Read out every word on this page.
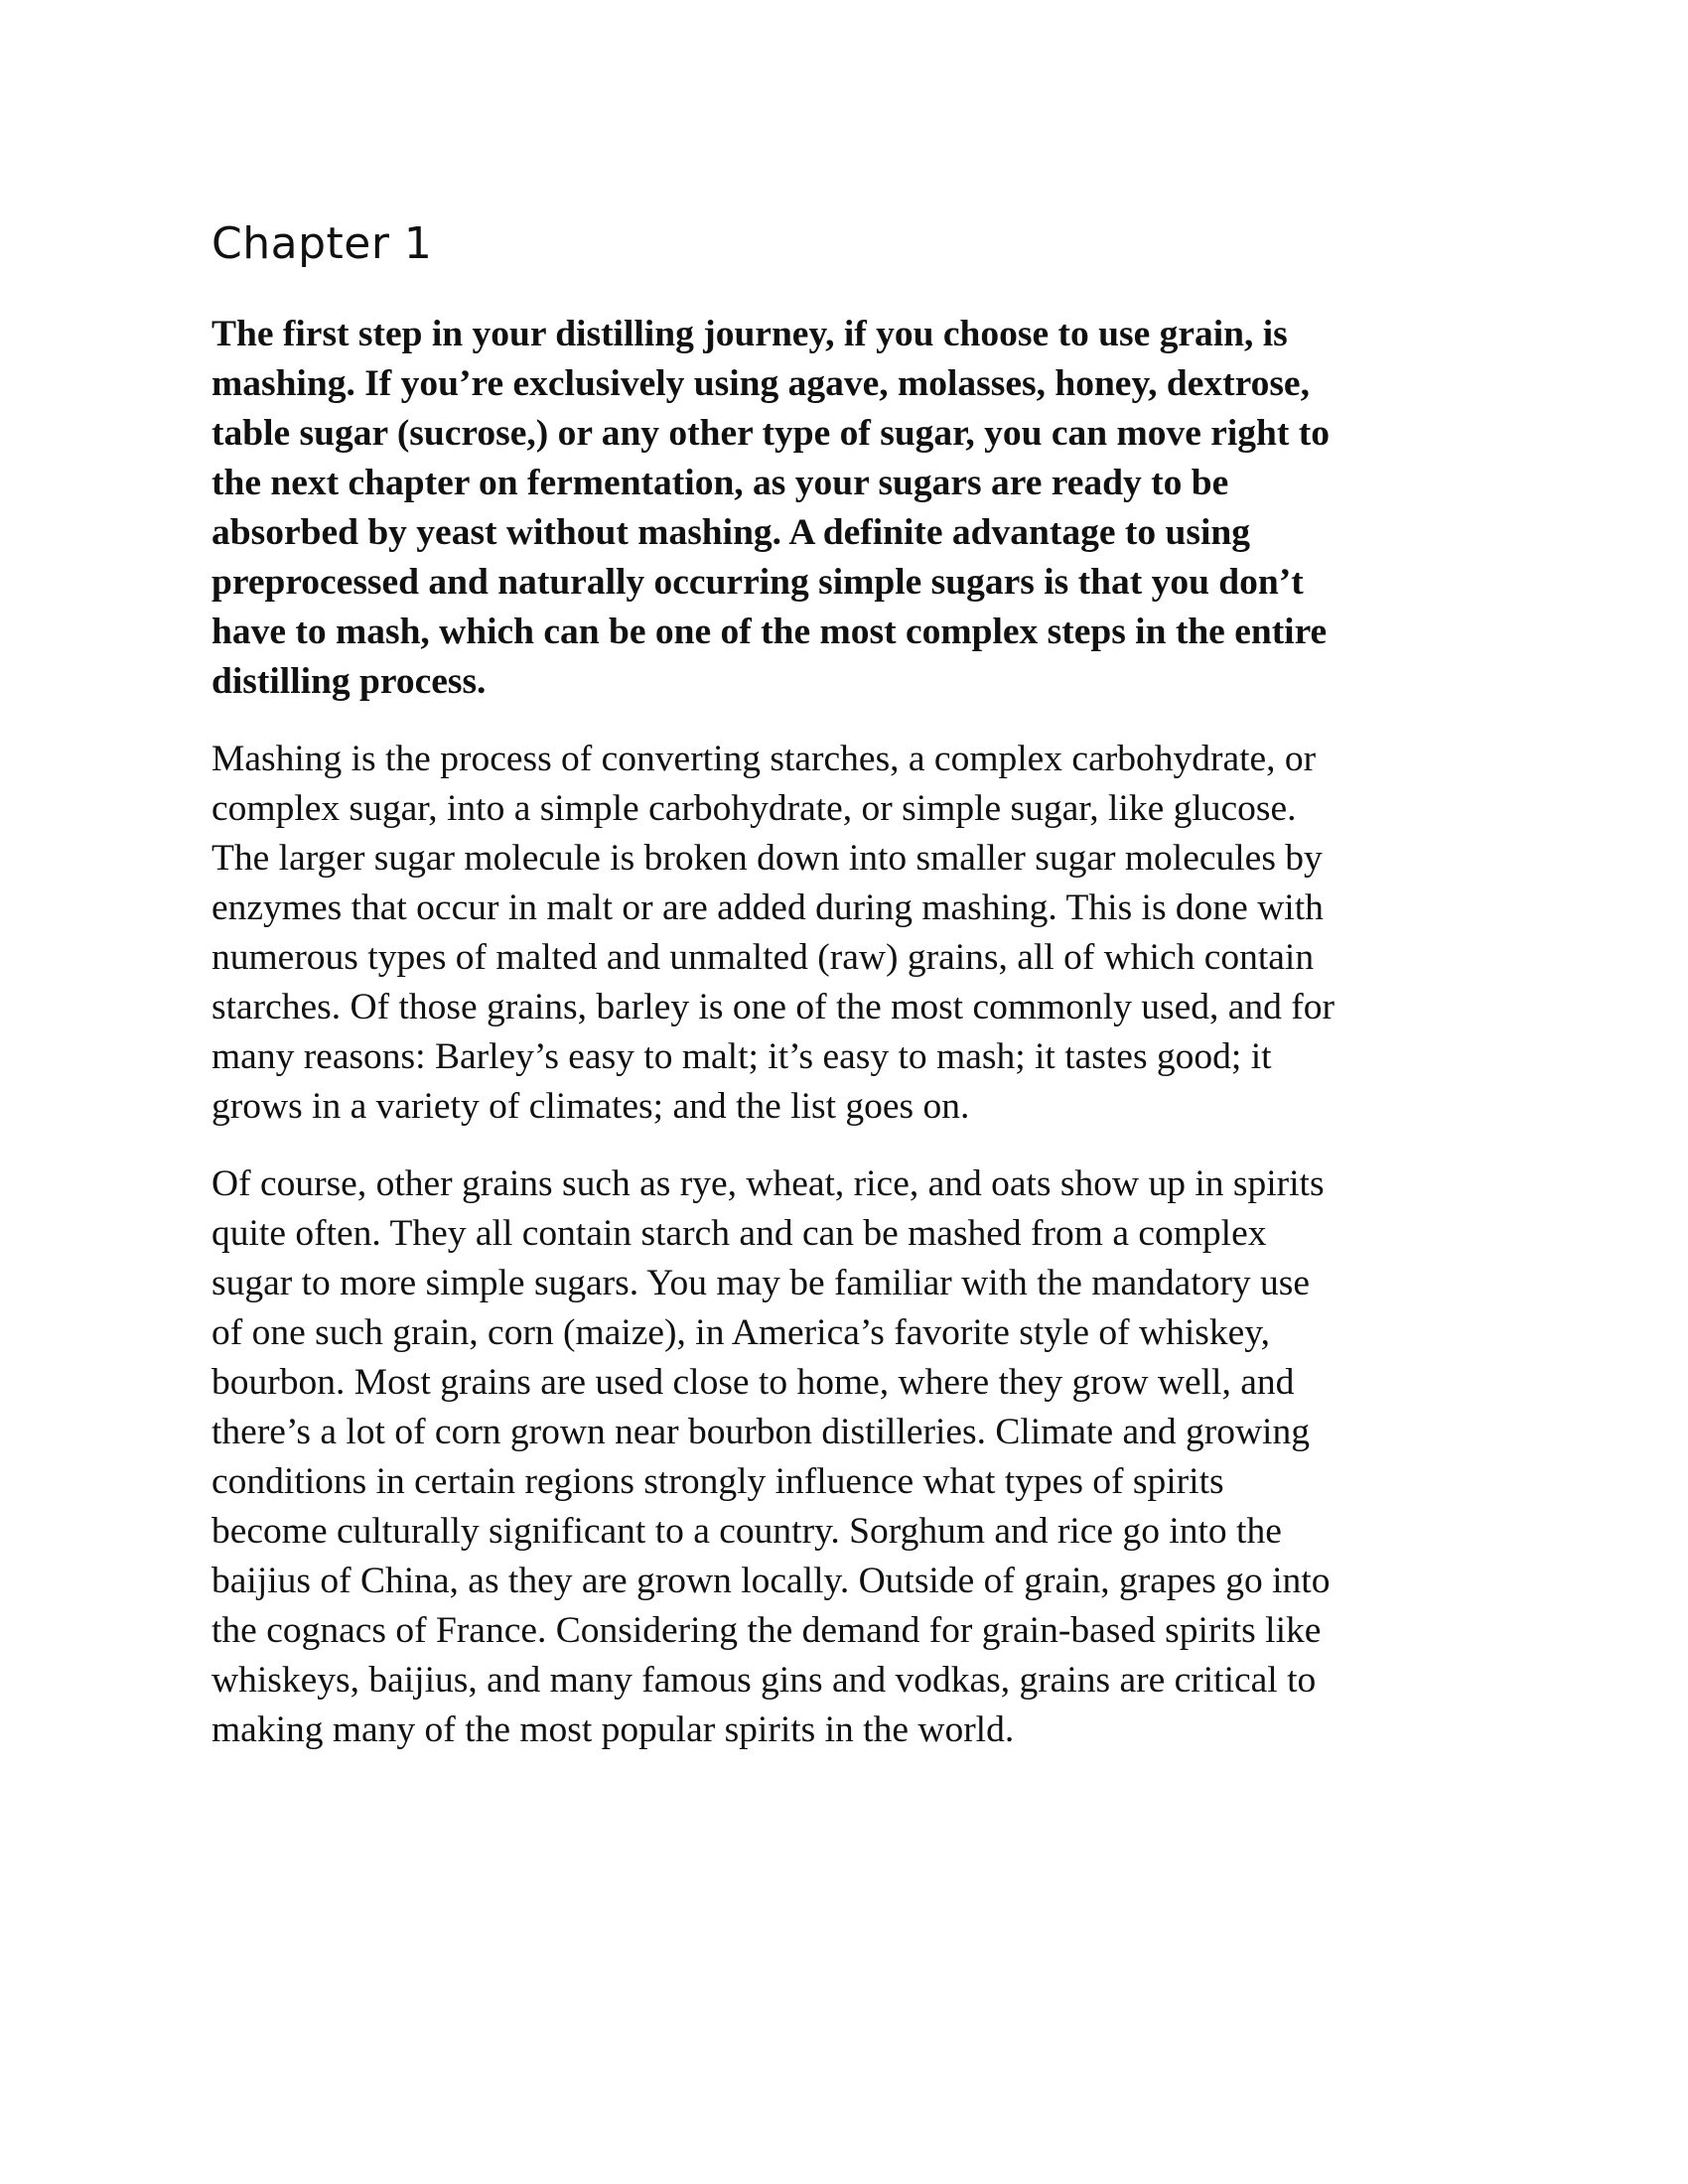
Chapter 1

The first step in your distilling journey, if you choose to use grain, is
mashing. If you’re exclusively using agave, molasses, honey, dextrose,
table sugar (sucrose,) or any other type of sugar, you can move right to
the next chapter on fermentation, as your sugars are ready to be
absorbed by yeast without mashing. A definite advantage to using
preprocessed and naturally occurring simple sugars is that you don’t
have to mash, which can be one of the most complex steps in the entire
distilling process.

Mashing is the process of converting starches, a complex carbohydrate, or
complex sugar, into a simple carbohydrate, or simple sugar, like glucose.
The larger sugar molecule is broken down into smaller sugar molecules by
enzymes that occur in malt or are added during mashing. This is done with
numerous types of malted and unmalted (raw) grains, all of which contain
starches. Of those grains, barley is one of the most commonly used, and for
many reasons: Barley’s easy to malt; it’s easy to mash; it tastes good; it
grows in a variety of climates; and the list goes on.

Of course, other grains such as rye, wheat, rice, and oats show up in spirits
quite often. They all contain starch and can be mashed from a complex
sugar to more simple sugars. You may be familiar with the mandatory use
of one such grain, corn (maize), in America’s favorite style of whiskey,
bourbon. Most grains are used close to home, where they grow well, and
there’s a lot of corn grown near bourbon distilleries. Climate and growing
conditions in certain regions strongly influence what types of spirits
become culturally significant to a country. Sorghum and rice go into the
baijius of China, as they are grown locally. Outside of grain, grapes go into
the cognacs of France. Considering the demand for grain-based spirits like
whiskeys, baijius, and many famous gins and vodkas, grains are critical to
making many of the most popular spirits in the world.
